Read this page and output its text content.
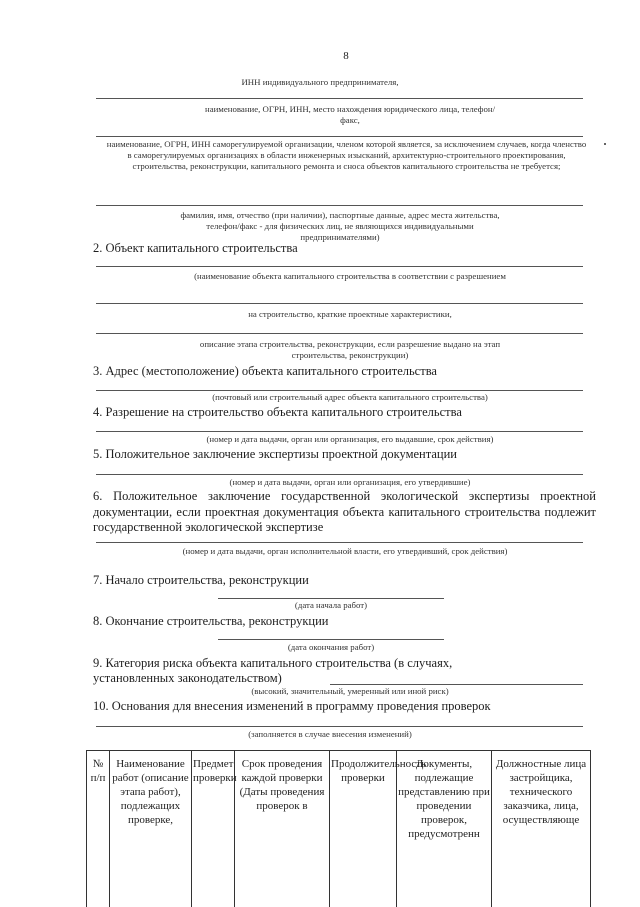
8
ИНН индивидуального предпринимателя,
наименование, ОГРН, ИНН, место нахождения юридического лица, телефон/факс,
наименование, ОГРН, ИНН саморегулируемой организации, членом которой является, за исключением случаев, когда членство в саморегулируемых организациях в области инженерных изысканий, архитектурно-строительного проектирования, строительства, реконструкции, капитального ремонта и сноса объектов капитального строительства не требуется;
фамилия, имя, отчество (при наличии), паспортные данные, адрес места жительства, телефон/факс - для физических лиц, не являющихся индивидуальными предпринимателями)
2. Объект капитального строительства
(наименование объекта капитального строительства в соответствии с разрешением
на строительство, краткие проектные характеристики,
описание этапа строительства, реконструкции, если разрешение выдано на этап строительства, реконструкции)
3. Адрес (местоположение) объекта капитального строительства
(почтовый или строительный адрес объекта капитального строительства)
4. Разрешение на строительство объекта капитального строительства
(номер и дата выдачи, орган или организация, его выдавшие, срок действия)
5. Положительное заключение экспертизы проектной документации
(номер и дата выдачи, орган или организация, его утвердившие)
6. Положительное заключение государственной экологической экспертизы проектной документации, если проектная документация объекта капитального строительства подлежит государственной экологической экспертизе
(номер и дата выдачи, орган исполнительной власти, его утвердивший, срок действия)
7. Начало строительства, реконструкции
(дата начала работ)
8. Окончание строительства, реконструкции
(дата окончания работ)
9. Категория риска объекта капитального строительства (в случаях,
установленных законодательством)
(высокий, значительный, умеренный или иной риск)
10. Основания для внесения изменений в программу проведения проверок
(заполняется в случае внесения изменений)
№ п/п	Наименование работ (описание этапа работ), подлежащих проверке,	Предмет проверки	Срок проведения каждой проверки (Даты проведения проверок в	Продолжительность проверки	Документы, подлежащие представлению при проведении проверок, предусмотренн	Должностные лица застройщика, технического заказчика, лица, осуществляюще
